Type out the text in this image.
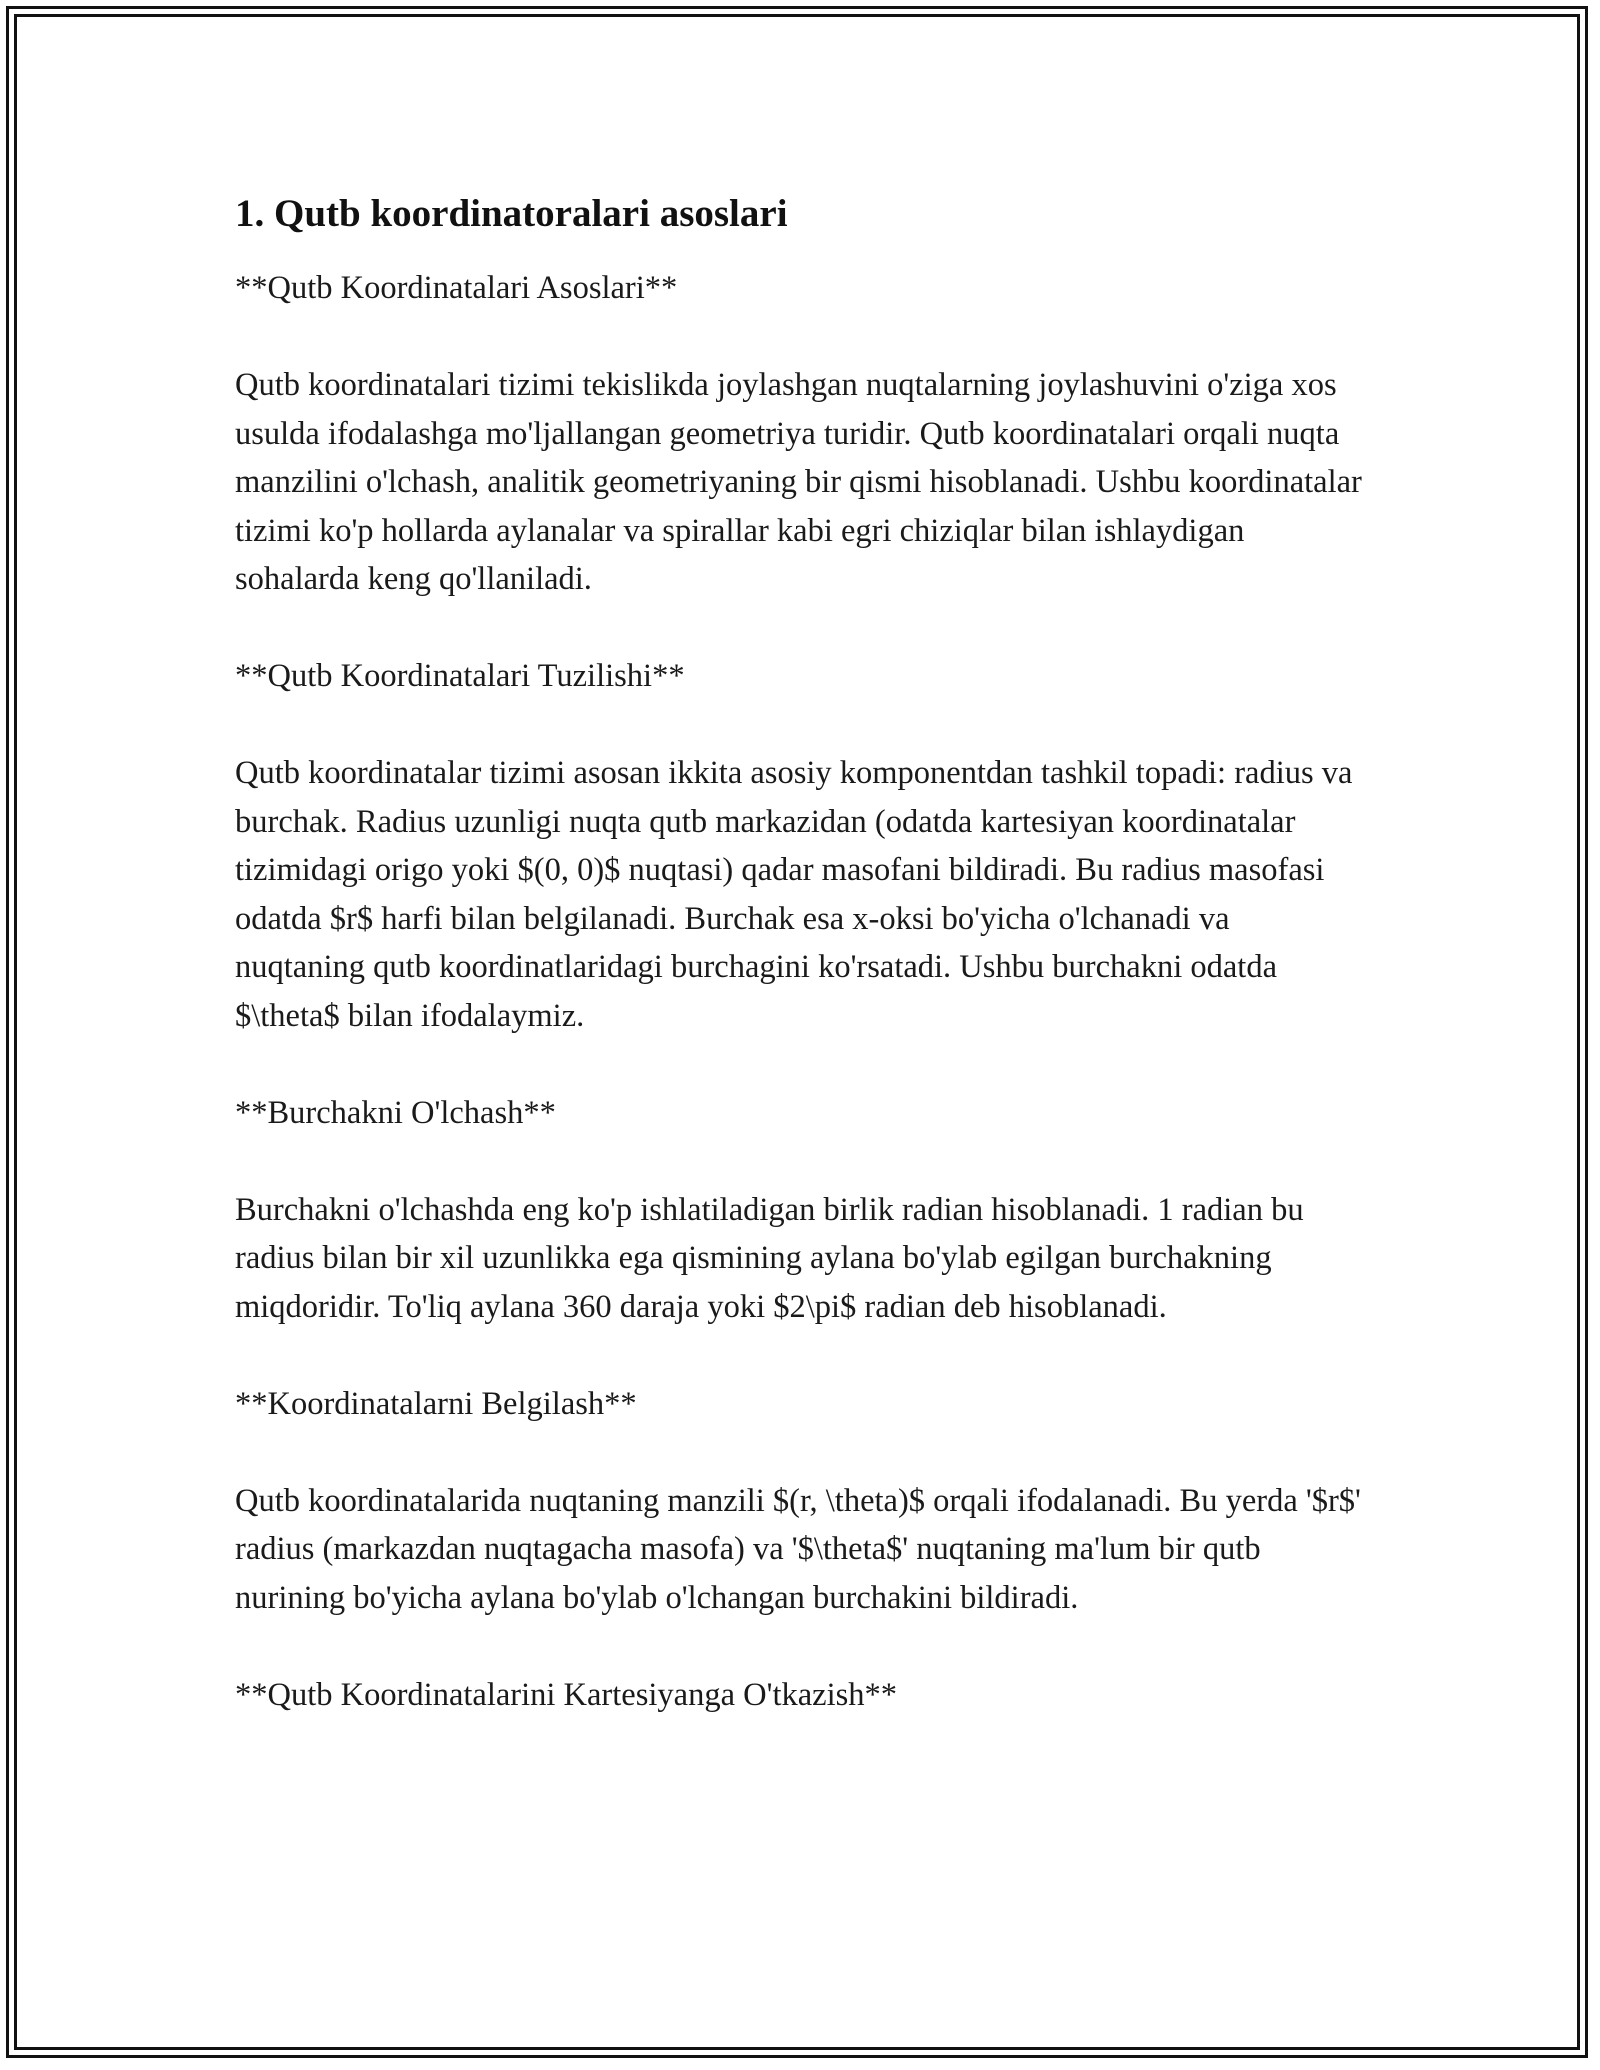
1. Qutb koordinatoralari asoslari

**Qutb Koordinatalari Asoslari**

Qutb koordinatalari tizimi tekislikda joylashgan nuqtalarning joylashuvini o'ziga xos usulda ifodalashga mo'ljallangan geometriya turidir. Qutb koordinatalari orqali nuqta manzilini o'lchash, analitik geometriyaning bir qismi hisoblanadi. Ushbu koordinatalar tizimi ko'p hollarda aylanalar va spirallar kabi egri chiziqlar bilan ishlaydigan sohalarda keng qo'llaniladi.

**Qutb Koordinatalari Tuzilishi**

Qutb koordinatalar tizimi asosan ikkita asosiy komponentdan tashkil topadi: radius va burchak. Radius uzunligi nuqta qutb markazidan (odatda kartesiyan koordinatalar tizimidagi origo yoki $(0, 0)$ nuqtasi) qadar masofani bildiradi. Bu radius masofasi odatda $r$ harfi bilan belgilanadi. Burchak esa x-oksi bo'yicha o'lchanadi va nuqtaning qutb koordinatlaridagi burchagini ko'rsatadi. Ushbu burchakni odatda $\theta$ bilan ifodalaymiz.

**Burchakni O'lchash**

Burchakni o'lchashda eng ko'p ishlatiladigan birlik radian hisoblanadi. 1 radian bu radius bilan bir xil uzunlikka ega qismining aylana bo'ylab egilgan burchakning miqdoridir. To'liq aylana 360 daraja yoki $2\pi$ radian deb hisoblanadi.

**Koordinatalarni Belgilash**

Qutb koordinatalarida nuqtaning manzili $(r, \theta)$ orqali ifodalanadi. Bu yerda '$r$' radius (markazdan nuqtagacha masofa) va '$\theta$' nuqtaning ma'lum bir qutb nurining bo'yicha aylana bo'ylab o'lchangan burchakini bildiradi.

**Qutb Koordinatalarini Kartesiyanga O'tkazish**
